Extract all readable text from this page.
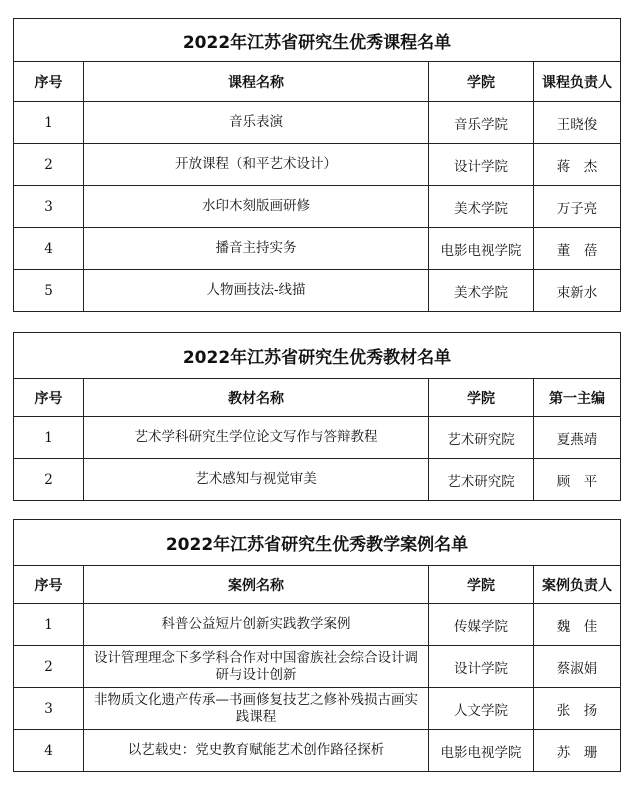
2022年江苏省研究生优秀课程名单			
序号	课程名称	学院	课程负责人
1	音乐表演	音乐学院	王晓俊
2	开放课程（和平艺术设计）	设计学院	蒋　杰
3	水印木刻版画研修	美术学院	万子亮
4	播音主持实务	电影电视学院	董　蓓
5	人物画技法-线描	美术学院	束新水
2022年江苏省研究生优秀教材名单			
序号	教材名称	学院	第一主编
1	艺术学科研究生学位论文写作与答辩教程	艺术研究院	夏燕靖
2	艺术感知与视觉审美	艺术研究院	顾　平
2022年江苏省研究生优秀教学案例名单			
序号	案例名称	学院	案例负责人
1	科普公益短片创新实践教学案例	传媒学院	魏　佳
2	设计管理理念下多学科合作对中国畲族社会综合设计调研与设计创新	设计学院	蔡淑娟
3	非物质文化遗产传承—书画修复技艺之修补残损古画实践课程	人文学院	张　扬
4	以艺载史：党史教育赋能艺术创作路径探析	电影电视学院	苏　珊
